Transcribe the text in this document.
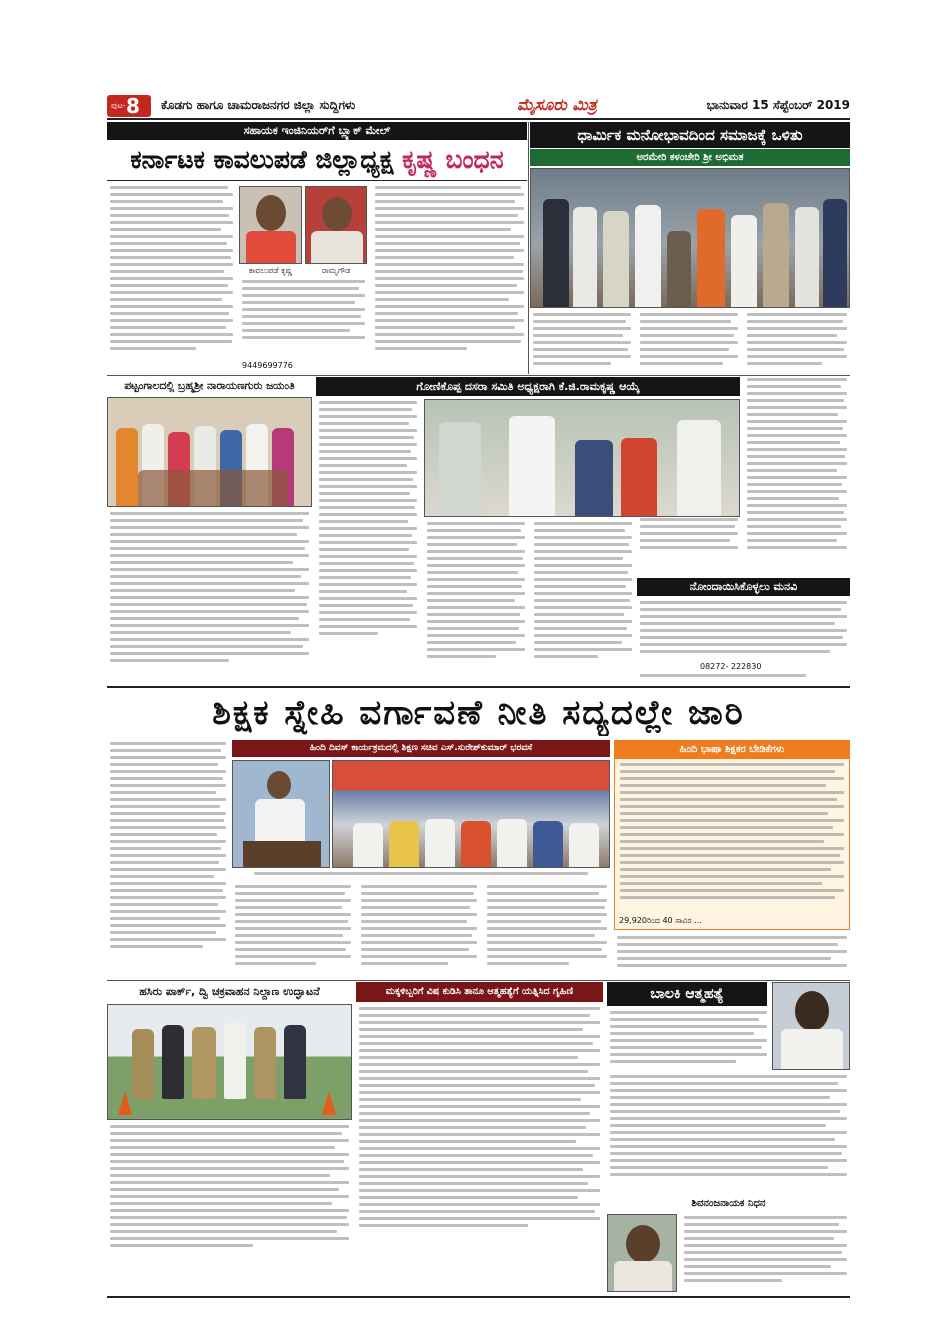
ಪುಟ- 8 ಕೊಡಗು ಹಾಗೂ ಚಾಮರಾಜನಗರ ಜಿಲ್ಲಾ ಸುದ್ದಿಗಳು	ಮೈಸೂರು ಮಿತ್ರ	ಭಾನುವಾರ 15 ಸೆಪ್ಟೆಂಬರ್ 2019
ಸಹಾಯಕ ಇಂಜಿನಿಯರ್‌ಗೆ ಬ್ಲ್ಯಾಕ್ ಮೇಲ್
ಕರ್ನಾಟಕ ಕಾವಲುಪಡೆ ಜಿಲ್ಲಾಧ್ಯಕ್ಷ ಕೃಷ್ಣ ಬಂಧನ
ಕಾವಲುಪಡೆ ಕೃಷ್ಣ	ರಾಮೃಗೌಡ
9449699776
ಧಾರ್ಮಿಕ ಮನೋಭಾವದಿಂದ ಸಮಾಜಕ್ಕೆ ಒಳಿತು
ಅರಮೇರಿ ಕಳಂಚೇರಿ ಶ್ರೀ ಅಭಿಮತ
ಪಟ್ಟಂಗಾಲದಲ್ಲಿ ಬ್ರಹ್ಮಶ್ರೀ ನಾರಾಯಣಗುರು ಜಯಂತಿ	ಗೋಣಿಕೊಪ್ಪ ದಸರಾ ಸಮಿತಿ ಅಧ್ಯಕ್ಷರಾಗಿ ಕೆ.ಜಿ.ರಾಮಕೃಷ್ಣ ಆಯ್ಕೆ
ನೋಂದಾಯಿಸಿಕೊಳ್ಳಲು ಮನವಿ
08272- 222830
ಶಿಕ್ಷಕ ಸ್ನೇಹಿ ವರ್ಗಾವಣೆ ನೀತಿ ಸದ್ಯದಲ್ಲೇ ಜಾರಿ
ಹಿಂದಿ ದಿವಸ್ ಕಾರ್ಯಕ್ರಮದಲ್ಲಿ ಶಿಕ್ಷಣ ಸಚಿವ ಎಸ್.ಸುರೇಶ್‌ಕುಮಾರ್ ಭರವಸೆ	ಹಿಂದಿ ಭಾಷಾ ಶಿಕ್ಷಕರ ಬೇಡಿಕೆಗಳು
29,920ರಿಂದ 40 ಸಾವಿರ ...
ಹಸಿರು ಪಾರ್ಕ್, ದ್ವಿ ಚಕ್ರವಾಹನ ನಿಲ್ದಾಣ ಉದ್ಘಾಟನೆ	ಮಕ್ಕಳಿಬ್ಬರಿಗೆ ವಿಷ ಕುಡಿಸಿ ತಾನೂ ಆತ್ಮಹತ್ಯೆಗೆ ಯತ್ನಿಸಿದ ಗೃಹಿಣಿ	ಬಾಲಕಿ ಆತ್ಮಹತ್ಯೆ
ಶಿವನಂಜನಾಯಕ ನಿಧನ
